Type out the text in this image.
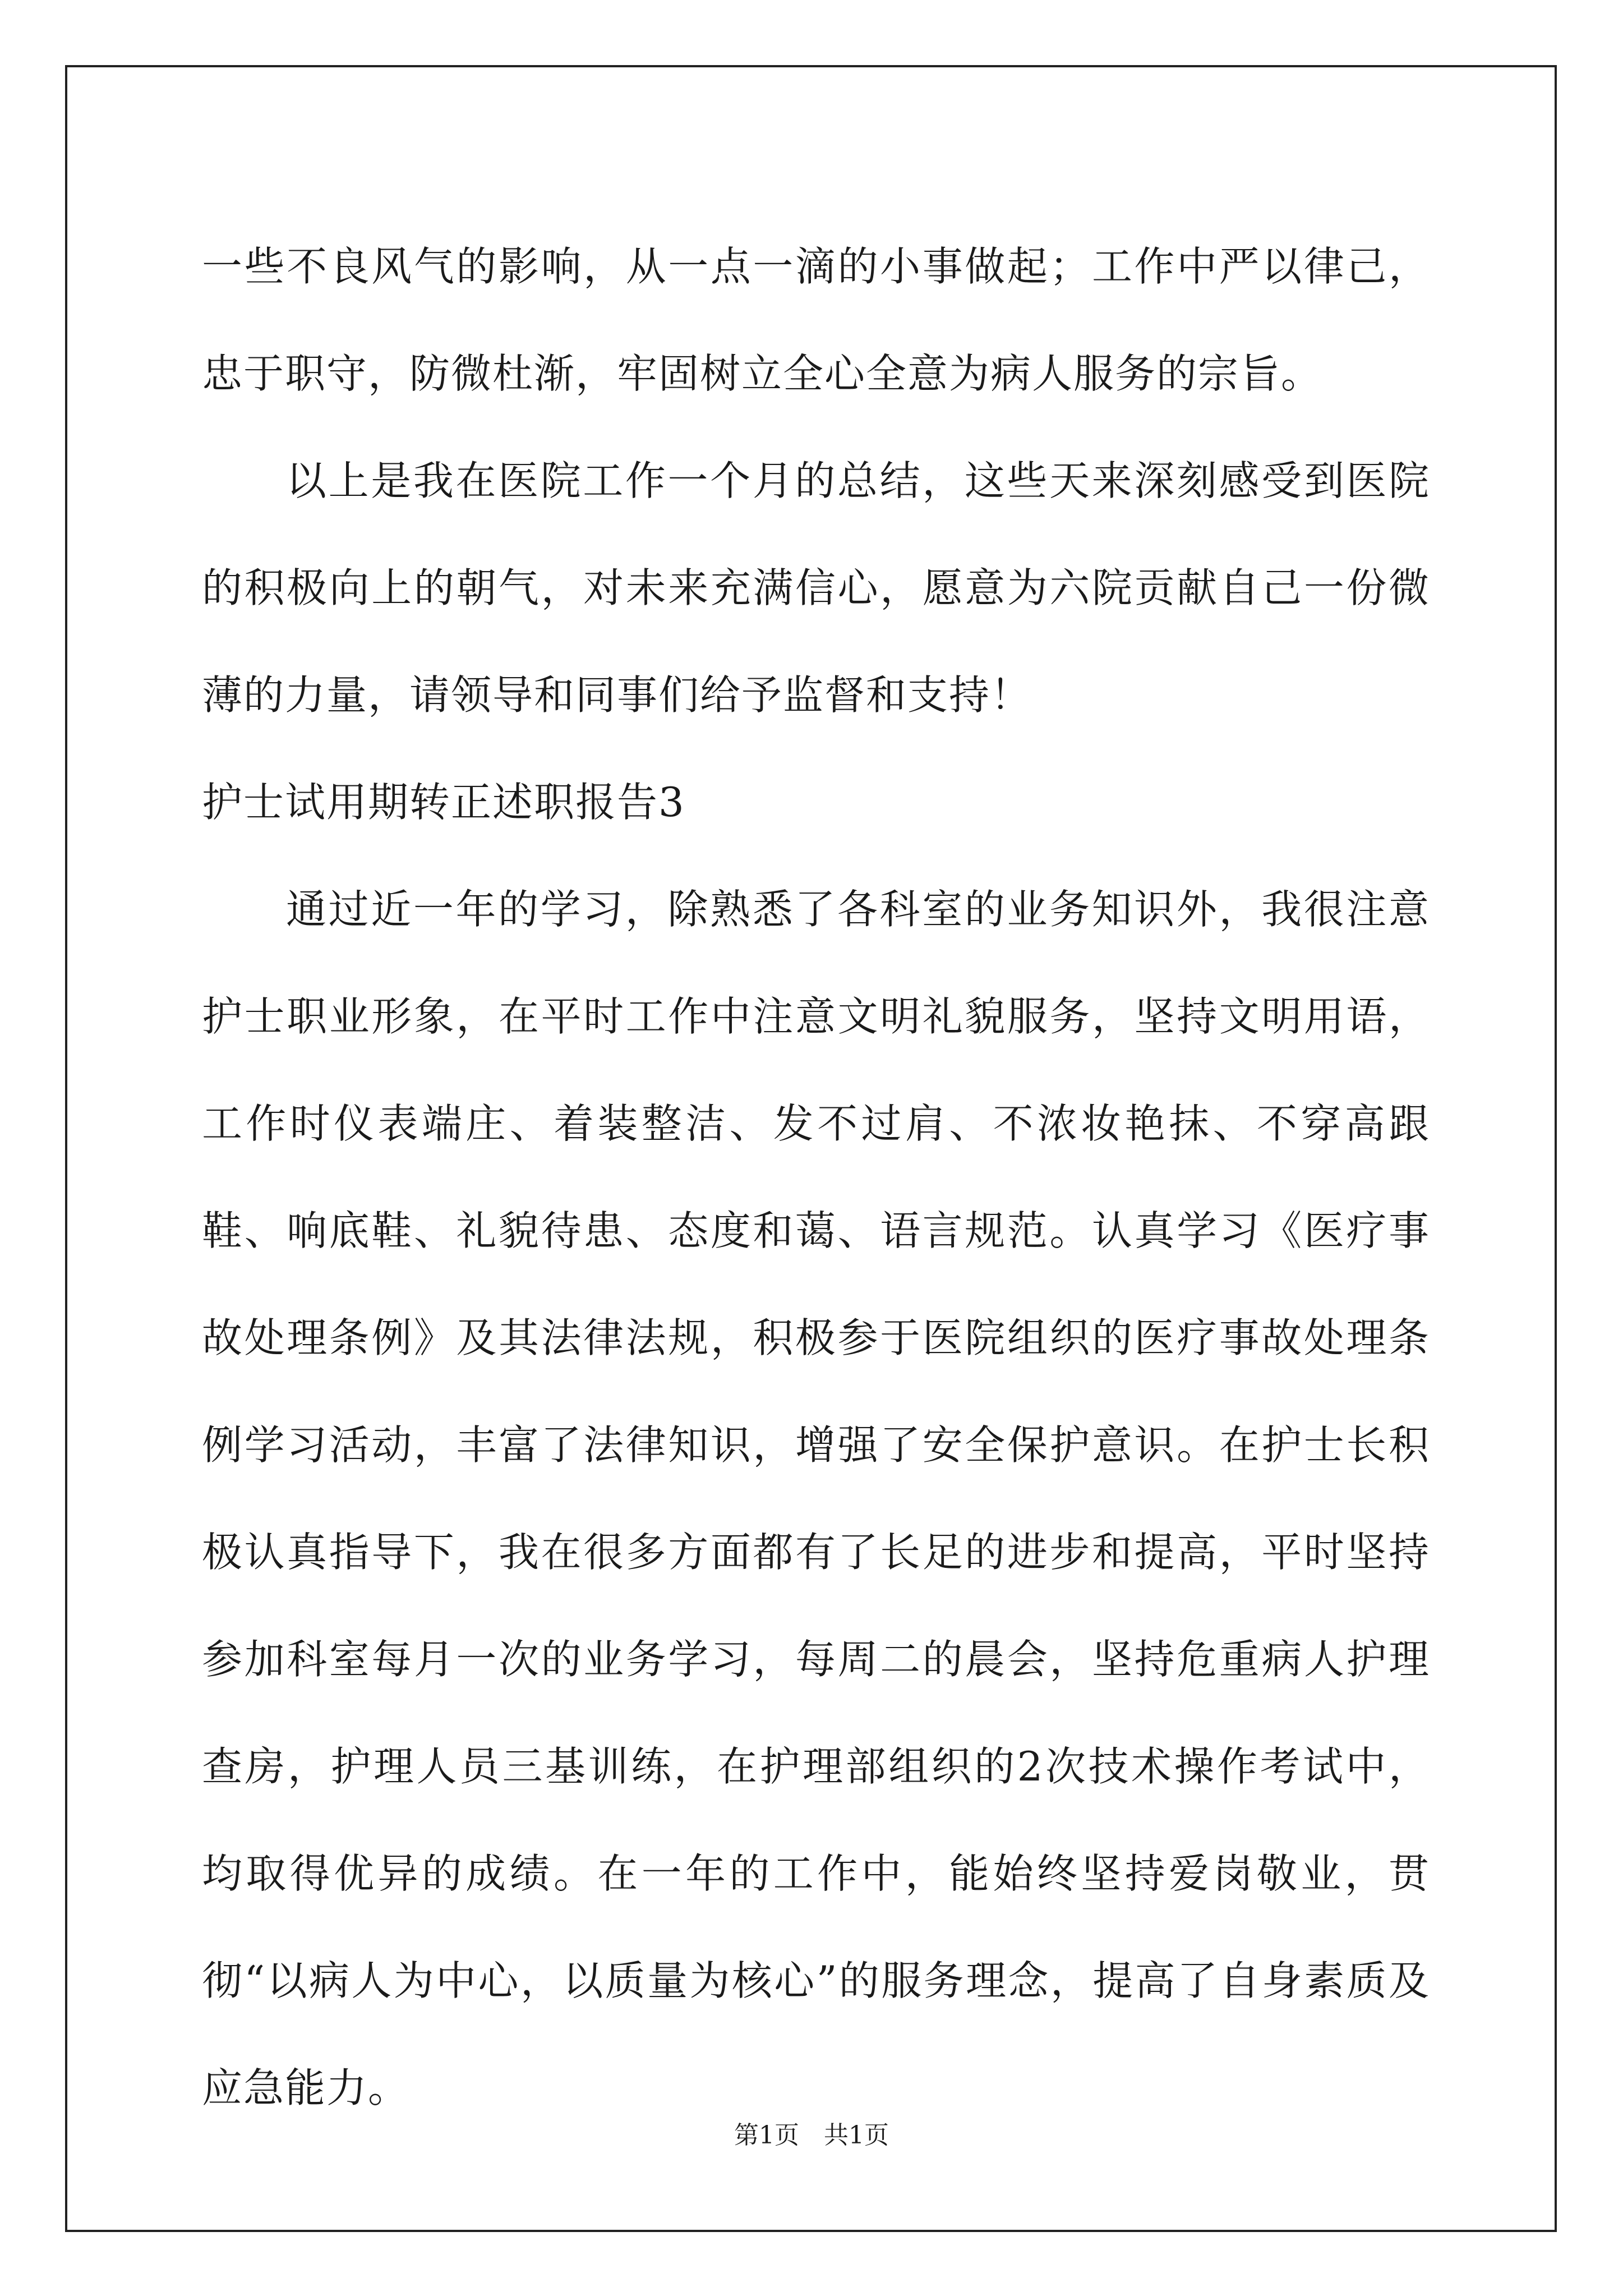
一些不良风气的影响，从一点一滴的小事做起；工作中严以律己，忠于职守，防微杜渐，牢固树立全心全意为病人服务的宗旨。

以上是我在医院工作一个月的总结，这些天来深刻感受到医院的积极向上的朝气，对未来充满信心，愿意为六院贡献自己一份微薄的力量，请领导和同事们给予监督和支持！

护士试用期转正述职报告3

通过近一年的学习，除熟悉了各科室的业务知识外，我很注意护士职业形象，在平时工作中注意文明礼貌服务，坚持文明用语，工作时仪表端庄、着装整洁、发不过肩、不浓妆艳抹、不穿高跟鞋、响底鞋、礼貌待患、态度和蔼、语言规范。认真学习《医疗事故处理条例》及其法律法规，积极参于医院组织的医疗事故处理条例学习活动，丰富了法律知识，增强了安全保护意识。在护士长积极认真指导下，我在很多方面都有了长足的进步和提高，平时坚持参加科室每月一次的业务学习，每周二的晨会，坚持危重病人护理查房，护理人员三基训练，在护理部组织的2次技术操作考试中，均取得优异的成绩。在一年的工作中，能始终坚持爱岗敬业，贯彻“以病人为中心，以质量为核心”的服务理念，提高了自身素质及应急能力。

第1页　共1页
